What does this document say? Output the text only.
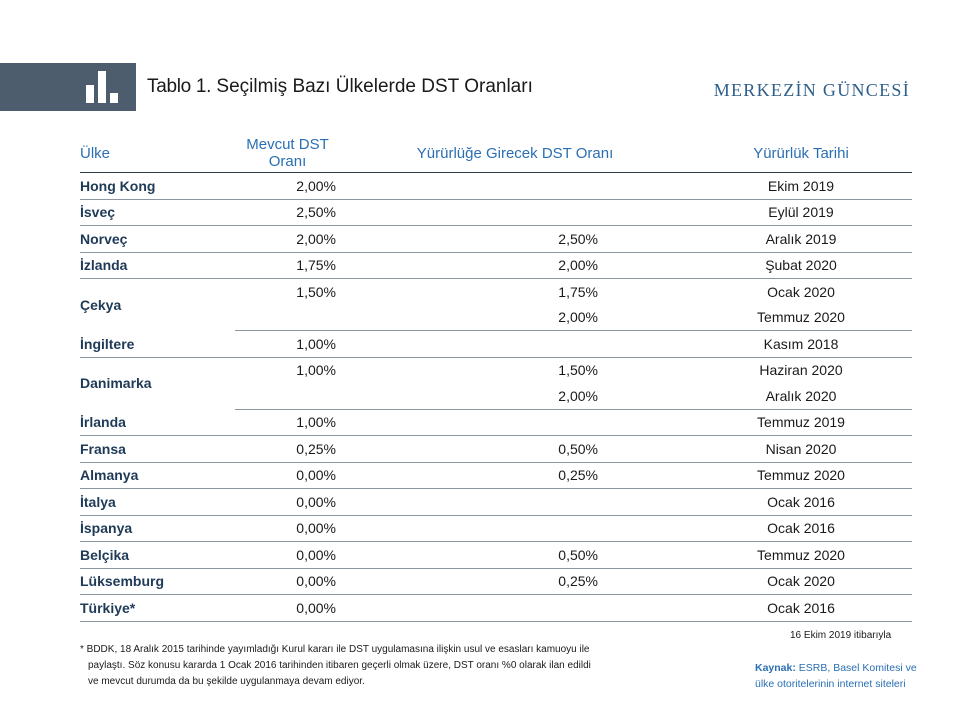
Tablo 1. Seçilmiş Bazı Ülkelerde DST Oranları	MERKEZİN GÜNCESİ
Ülke	Mevcut DST Oranı	Yürürlüğe Girecek DST Oranı	Yürürlük Tarihi
Hong Kong	2,00%		Ekim 2019
İsveç	2,50%		Eylül 2019
Norveç	2,00%	2,50%	Aralık 2019
İzlanda	1,75%	2,00%	Şubat 2020
Çekya	1,50%	1,75%	Ocak 2020
		2,00%	Temmuz 2020
İngiltere	1,00%		Kasım 2018
Danimarka	1,00%	1,50%	Haziran 2020
		2,00%	Aralık 2020
İrlanda	1,00%		Temmuz 2019
Fransa	0,25%	0,50%	Nisan 2020
Almanya	0,00%	0,25%	Temmuz 2020
İtalya	0,00%		Ocak 2016
İspanya	0,00%		Ocak 2016
Belçika	0,00%	0,50%	Temmuz 2020
Lüksemburg	0,00%	0,25%	Ocak 2020
Türkiye*	0,00%		Ocak 2016
16 Ekim 2019 itibarıyla
* BDDK, 18 Aralık 2015 tarihinde yayımladığı Kurul kararı ile DST uygulamasına ilişkin usul ve esasları kamuoyu ile
paylaştı. Söz konusu kararda 1 Ocak 2016 tarihinden itibaren geçerli olmak üzere, DST oranı %0 olarak ilan edildi
ve mevcut durumda da bu şekilde uygulanmaya devam ediyor.
Kaynak: ESRB, Basel Komitesi ve ülke otoritelerinin internet siteleri
